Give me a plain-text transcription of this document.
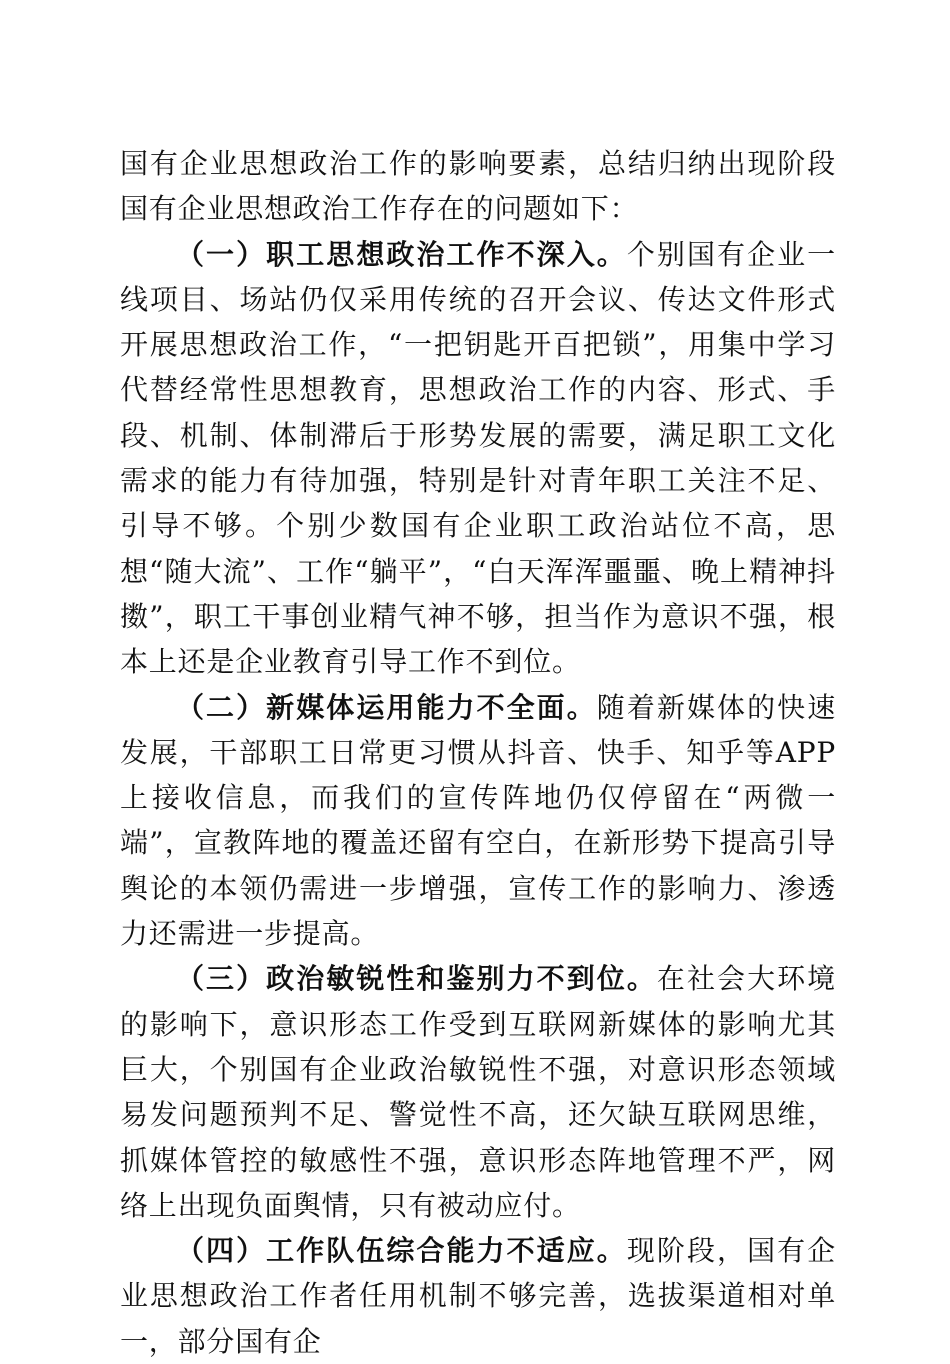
国有企业思想政治工作的影响要素，总结归纳出现阶段国有企业思想政治工作存在的问题如下：

（一）职工思想政治工作不深入。个别国有企业一线项目、场站仍仅采用传统的召开会议、传达文件形式开展思想政治工作，“一把钥匙开百把锁”，用集中学习代替经常性思想教育，思想政治工作的内容、形式、手段、机制、体制滞后于形势发展的需要，满足职工文化需求的能力有待加强，特别是针对青年职工关注不足、引导不够。个别少数国有企业职工政治站位不高，思想“随大流”、工作“躺平”，“白天浑浑噩噩、晚上精神抖擞”，职工干事创业精气神不够，担当作为意识不强，根本上还是企业教育引导工作不到位。

（二）新媒体运用能力不全面。随着新媒体的快速发展，干部职工日常更习惯从抖音、快手、知乎等APP上接收信息，而我们的宣传阵地仍仅停留在“两微一端”，宣教阵地的覆盖还留有空白，在新形势下提高引导舆论的本领仍需进一步增强，宣传工作的影响力、渗透力还需进一步提高。

（三）政治敏锐性和鉴别力不到位。在社会大环境的影响下，意识形态工作受到互联网新媒体的影响尤其巨大，个别国有企业政治敏锐性不强，对意识形态领域易发问题预判不足、警觉性不高，还欠缺互联网思维，抓媒体管控的敏感性不强，意识形态阵地管理不严，网络上出现负面舆情，只有被动应付。

（四）工作队伍综合能力不适应。现阶段，国有企业思想政治工作者任用机制不够完善，选拔渠道相对单一，部分国有企
